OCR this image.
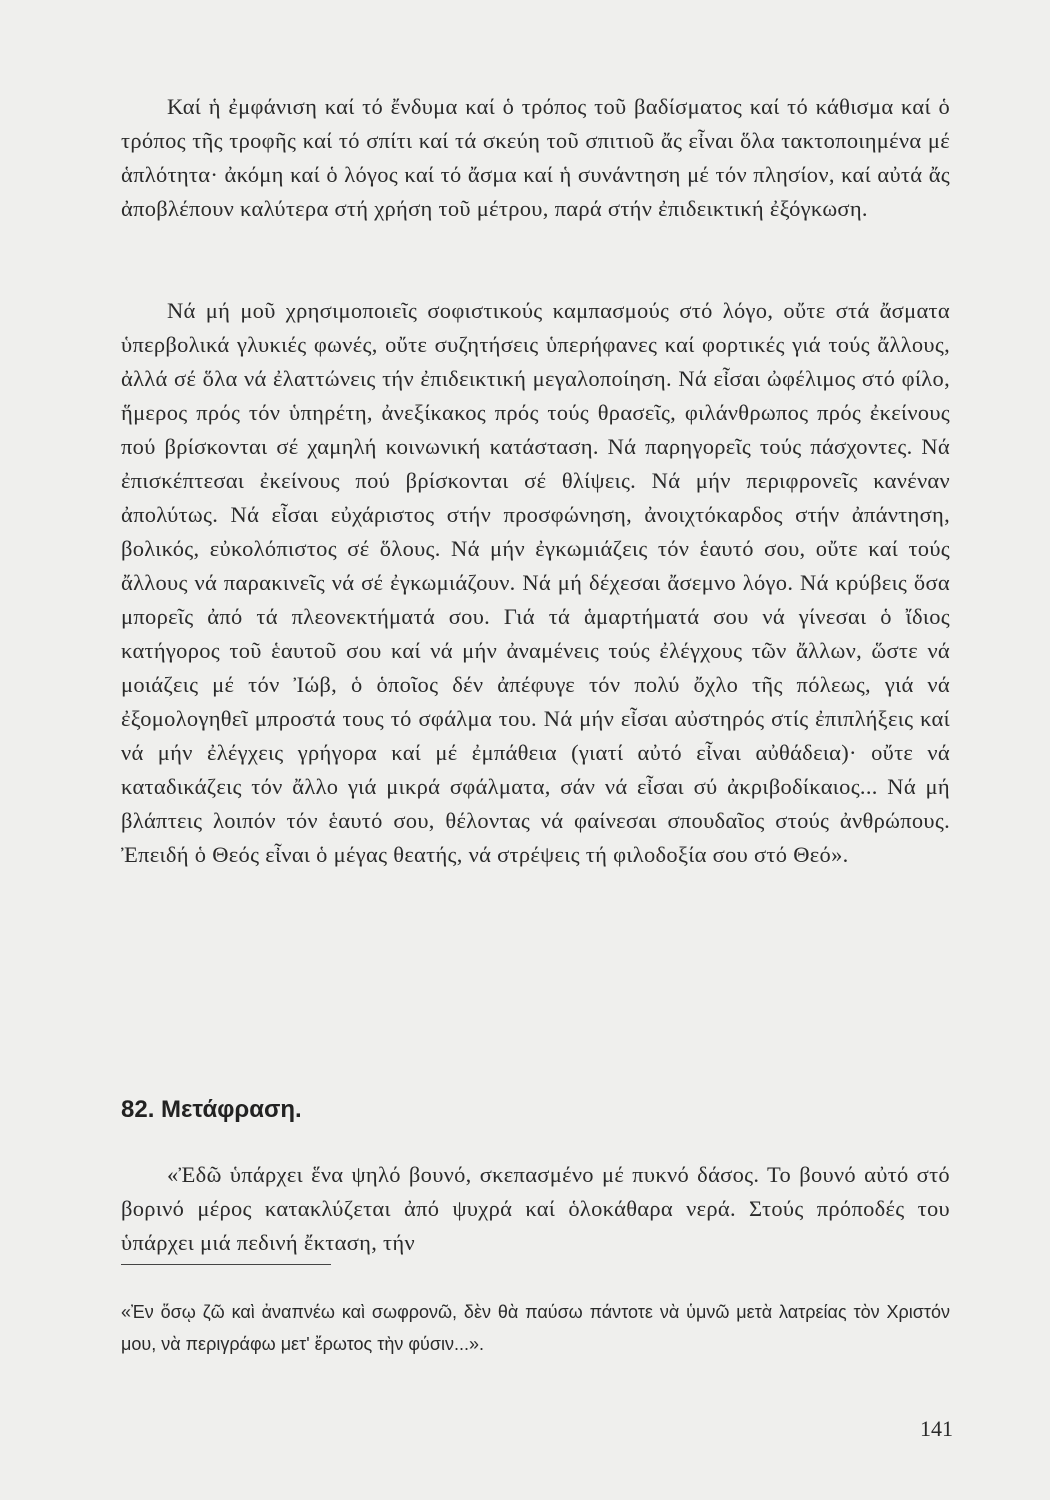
Καί ἡ ἐμφάνιση καί τό ἔνδυμα καί ὁ τρόπος τοῦ βαδίσματος καί τό κάθισμα καί ὁ τρόπος τῆς τροφῆς καί τό σπίτι καί τά σκεύη τοῦ σπιτιοῦ ἄς εἶναι ὅλα τακτοποιημένα μέ ἁπλότητα· ἀκόμη καί ὁ λόγος καί τό ἄσμα καί ἡ συνάντηση μέ τόν πλησίον, καί αὐτά ἄς ἀποβλέπουν καλύτερα στή χρήση τοῦ μέτρου, παρά στήν ἐπιδεικτική ἐξόγκωση.

Νά μή μοῦ χρησιμοποιεῖς σοφιστικούς καμπασμούς στό λόγο, οὔτε στά ἄσματα ὑπερβολικά γλυκιές φωνές, οὔτε συζητήσεις ὑπερήφανες καί φορτικές γιά τούς ἄλλους, ἀλλά σέ ὅλα νά ἐλαττώνεις τήν ἐπιδεικτική μεγαλοποίηση. Νά εἶσαι ὠφέλιμος στό φίλο, ἥμερος πρός τόν ὑπηρέτη, ἀνεξίκακος πρός τούς θρασεῖς, φιλάνθρωπος πρός ἐκείνους πού βρίσκονται σέ χαμηλή κοινωνική κατάσταση. Νά παρηγορεῖς τούς πάσχοντες. Νά ἐπισκέπτεσαι ἐκείνους πού βρίσκονται σέ θλίψεις. Νά μήν περιφρονεῖς κανέναν ἀπολύτως. Νά εἶσαι εὐχάριστος στήν προσφώνηση, ἀνοιχτόκαρδος στήν ἀπάντηση, βολικός, εὐκολόπιστος σέ ὅλους. Νά μήν ἐγκωμιάζεις τόν ἑαυτό σου, οὔτε καί τούς ἄλλους νά παρακινεῖς νά σέ ἐγκωμιάζουν. Νά μή δέχεσαι ἄσεμνο λόγο. Νά κρύβεις ὅσα μπορεῖς ἀπό τά πλεονεκτήματά σου. Γιά τά ἁμαρτήματά σου νά γίνεσαι ὁ ἴδιος κατήγορος τοῦ ἑαυτοῦ σου καί νά μήν ἀναμένεις τούς ἐλέγχους τῶν ἄλλων, ὥστε νά μοιάζεις μέ τόν Ἰώβ, ὁ ὁποῖος δέν ἀπέφυγε τόν πολύ ὄχλο τῆς πόλεως, γιά νά ἐξομολογηθεῖ μπροστά τους τό σφάλμα του. Νά μήν εἶσαι αὐστηρός στίς ἐπιπλήξεις καί νά μήν ἐλέγχεις γρήγορα καί μέ ἐμπάθεια (γιατί αὐτό εἶναι αὐθάδεια)· οὔτε νά καταδικάζεις τόν ἄλλο γιά μικρά σφάλματα, σάν νά εἶσαι σύ ἀκριβοδίκαιος... Νά μή βλάπτεις λοιπόν τόν ἑαυτό σου, θέλοντας νά φαίνεσαι σπουδαῖος στούς ἀνθρώπους. Ἐπειδή ὁ Θεός εἶναι ὁ μέγας θεατής, νά στρέψεις τή φιλοδοξία σου στό Θεό».

82. Μετάφραση.

«Ἐδῶ ὑπάρχει ἕνα ψηλό βουνό, σκεπασμένο μέ πυκνό δάσος. Το βουνό αὐτό στό βορινό μέρος κατακλύζεται ἀπό ψυχρά καί ὁλοκάθαρα νερά. Στούς πρόποδές του ὑπάρχει μιά πεδινή ἔκταση, τήν

«Ἐν ὅσῳ ζῶ καὶ ἀναπνέω καὶ σωφρονῶ, δὲν θὰ παύσω πάντοτε νὰ ὑμνῶ μετὰ λατρείας τὸν Χριστόν μου, νὰ περιγράφω μετ' ἔρωτος τὴν φύσιν...».

141
